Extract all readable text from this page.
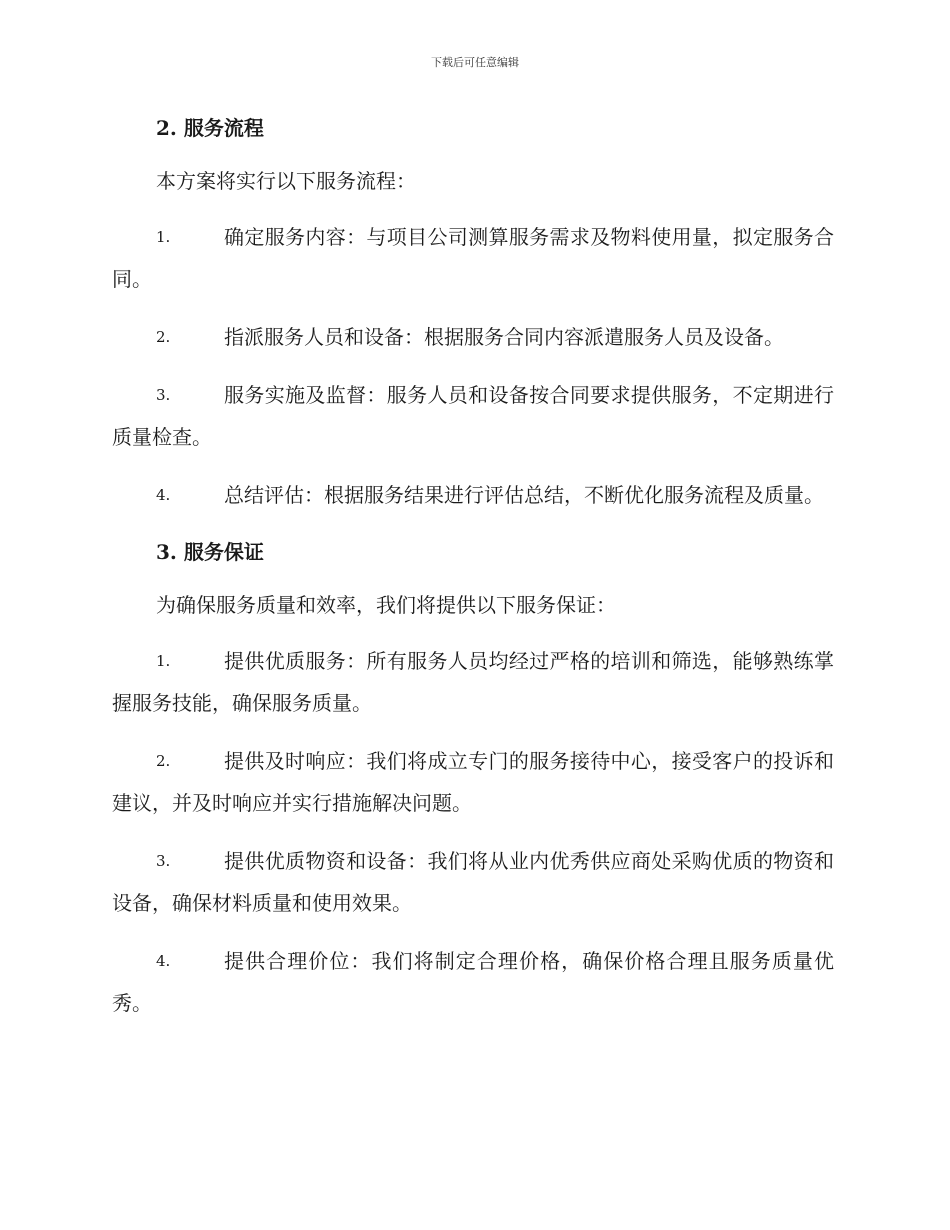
下载后可任意编辑
2. 服务流程

本方案将实行以下服务流程：

1.	确定服务内容：与项目公司测算服务需求及物料使用量，拟定服务合同。
2.	指派服务人员和设备：根据服务合同内容派遣服务人员及设备。
3.	服务实施及监督：服务人员和设备按合同要求提供服务，不定期进行质量检查。
4.	总结评估：根据服务结果进行评估总结，不断优化服务流程及质量。
3. 服务保证

为确保服务质量和效率，我们将提供以下服务保证：

1.	提供优质服务：所有服务人员均经过严格的培训和筛选，能够熟练掌握服务技能，确保服务质量。
2.	提供及时响应：我们将成立专门的服务接待中心，接受客户的投诉和建议，并及时响应并实行措施解决问题。
3.	提供优质物资和设备：我们将从业内优秀供应商处采购优质的物资和设备，确保材料质量和使用效果。
4.	提供合理价位：我们将制定合理价格，确保价格合理且服务质量优秀。
